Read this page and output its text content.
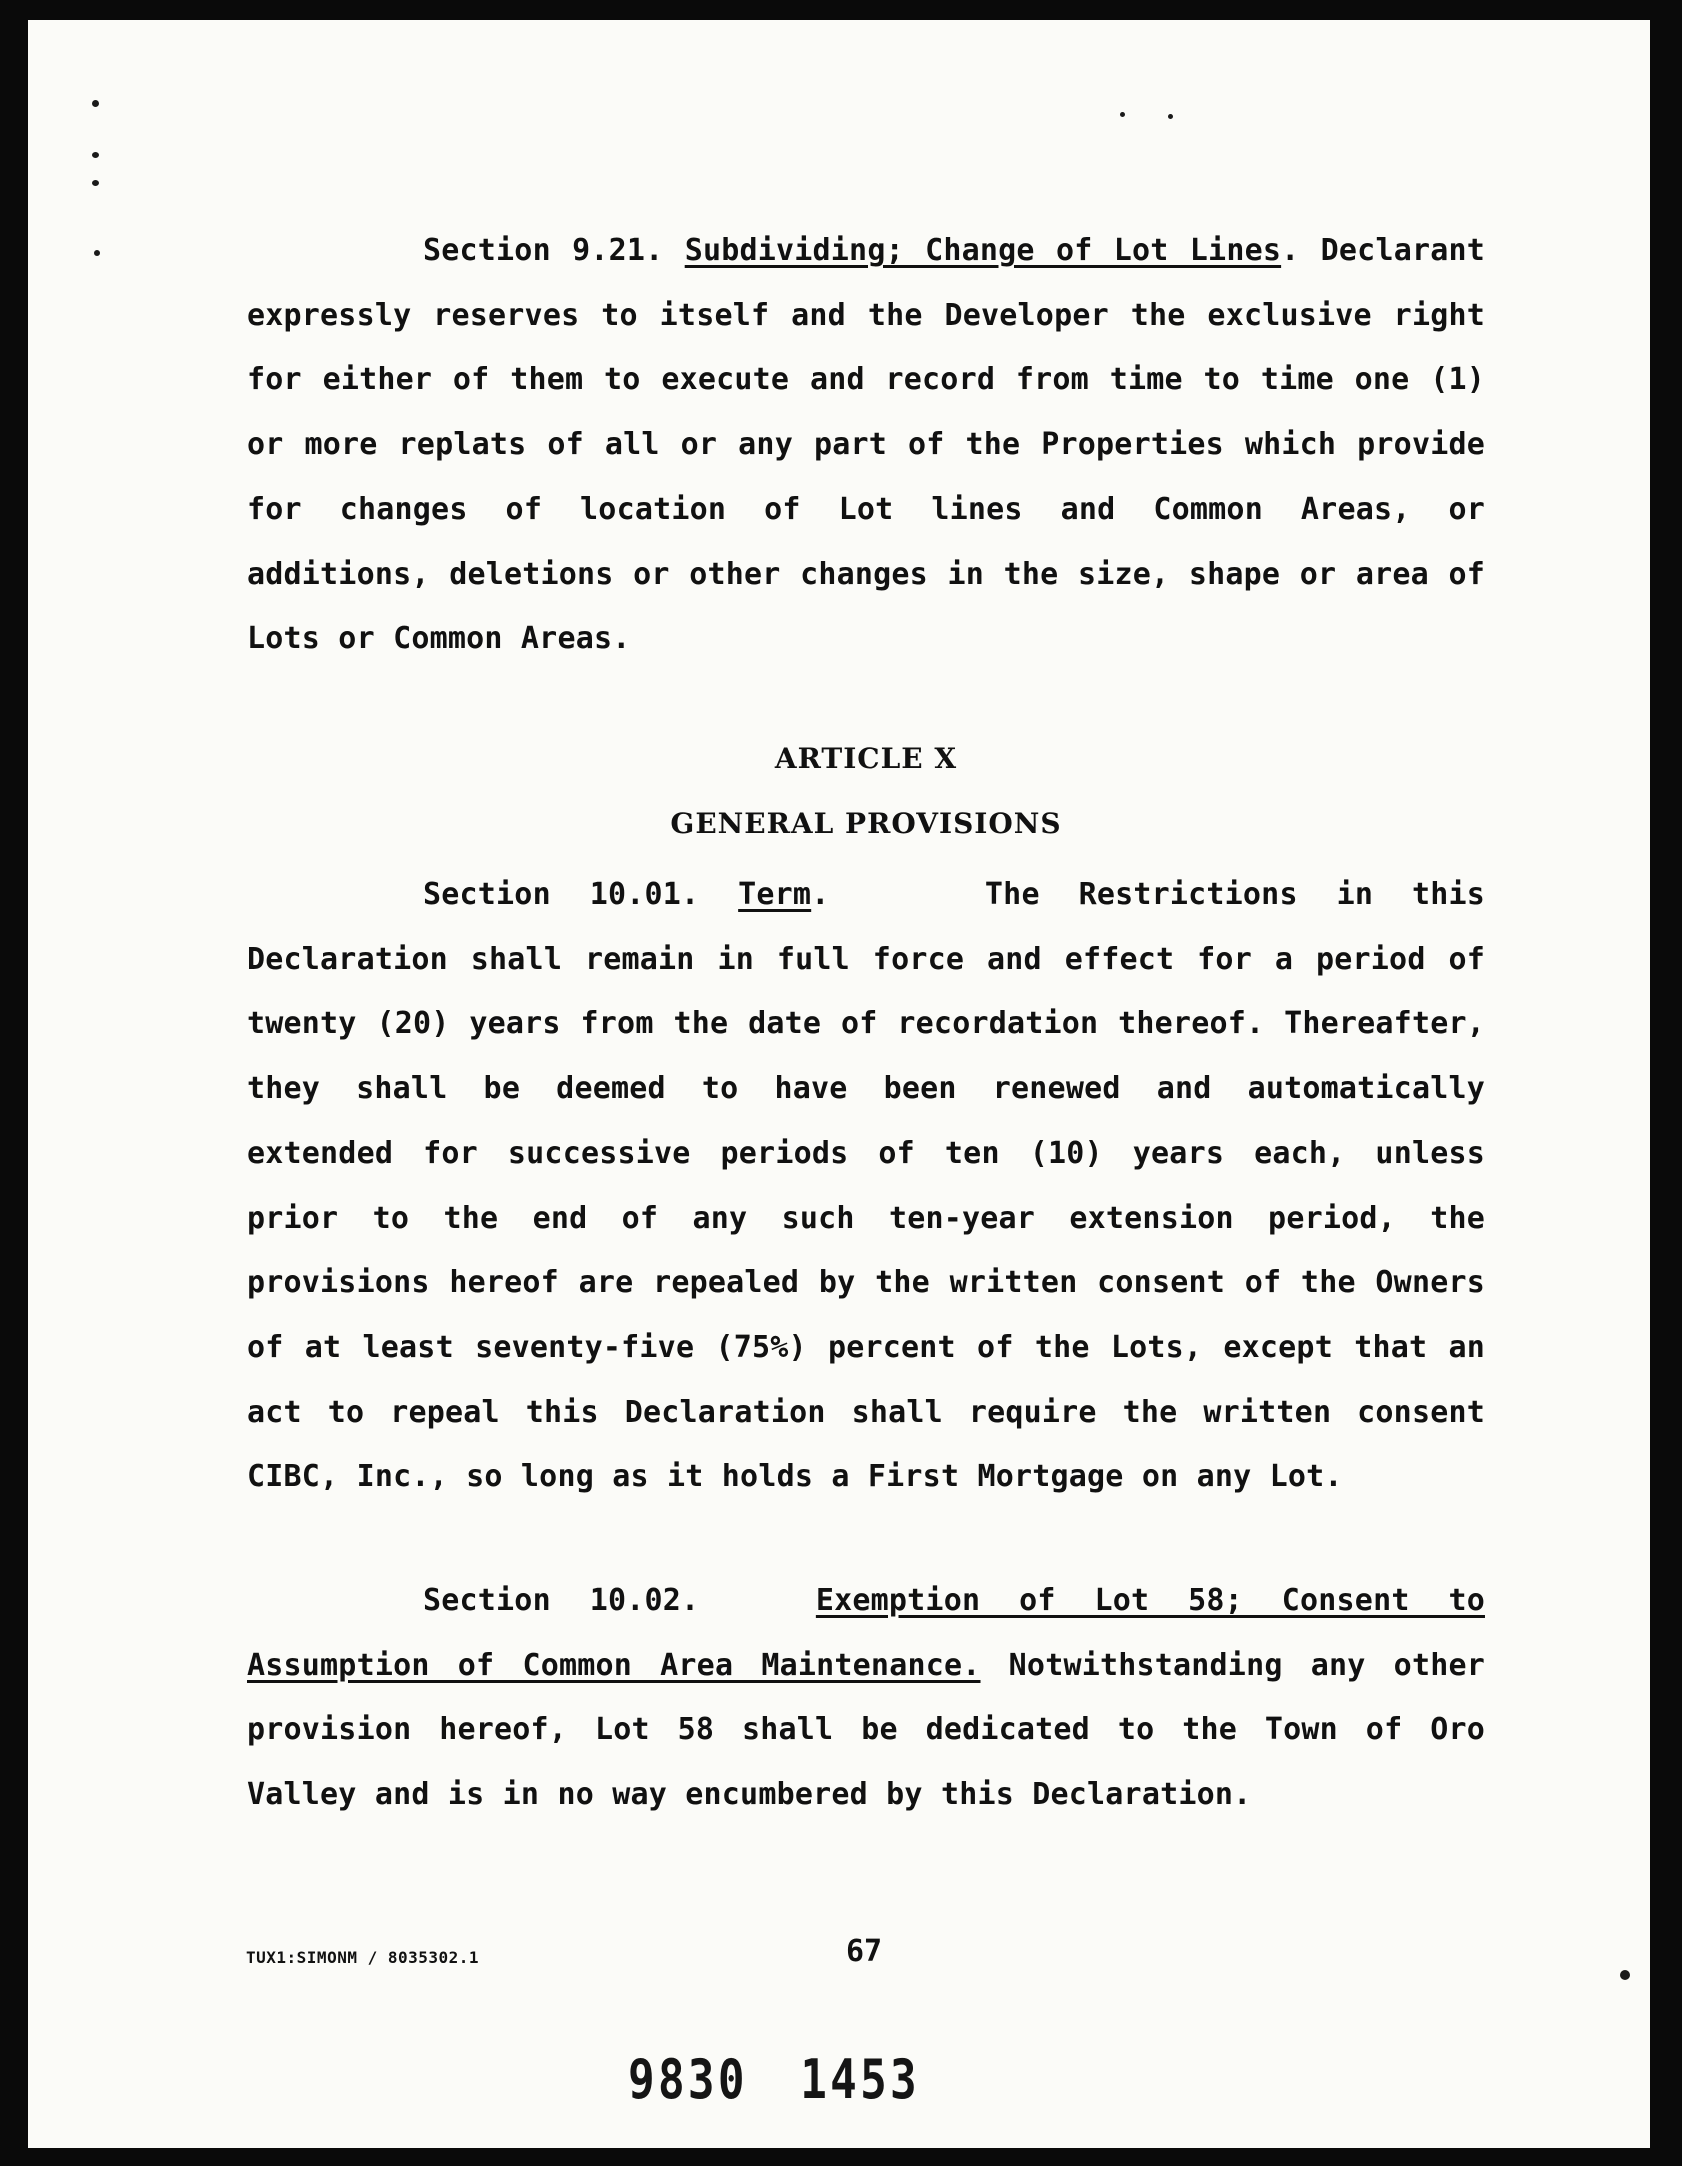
Section 9.21. Subdividing; Change of Lot Lines. Declarant expressly reserves to itself and the Developer the exclusive right for either of them to execute and record from time to time one (1) or more replats of all or any part of the Properties which provide for changes of location of Lot lines and Common Areas, or additions, deletions or other changes in the size, shape or area of Lots or Common Areas.

ARTICLE X
GENERAL PROVISIONS

Section 10.01. Term.	The Restrictions in this Declaration shall remain in full force and effect for a period of twenty (20) years from the date of recordation thereof. Thereafter, they shall be deemed to have been renewed and automatically extended for successive periods of ten (10) years each, unless prior to the end of any such ten-year extension period, the provisions hereof are repealed by the written consent of the Owners of at least seventy-five (75%) percent of the Lots, except that an act to repeal this Declaration shall require the written consent CIBC, Inc., so long as it holds a First Mortgage on any Lot.

Section 10.02.	Exemption of Lot 58; Consent to Assumption of Common Area Maintenance. Notwithstanding any other provision hereof, Lot 58 shall be dedicated to the Town of Oro Valley and is in no way encumbered by this Declaration.

TUX1:SIMONM / 8035302.1	67
9830 1453
